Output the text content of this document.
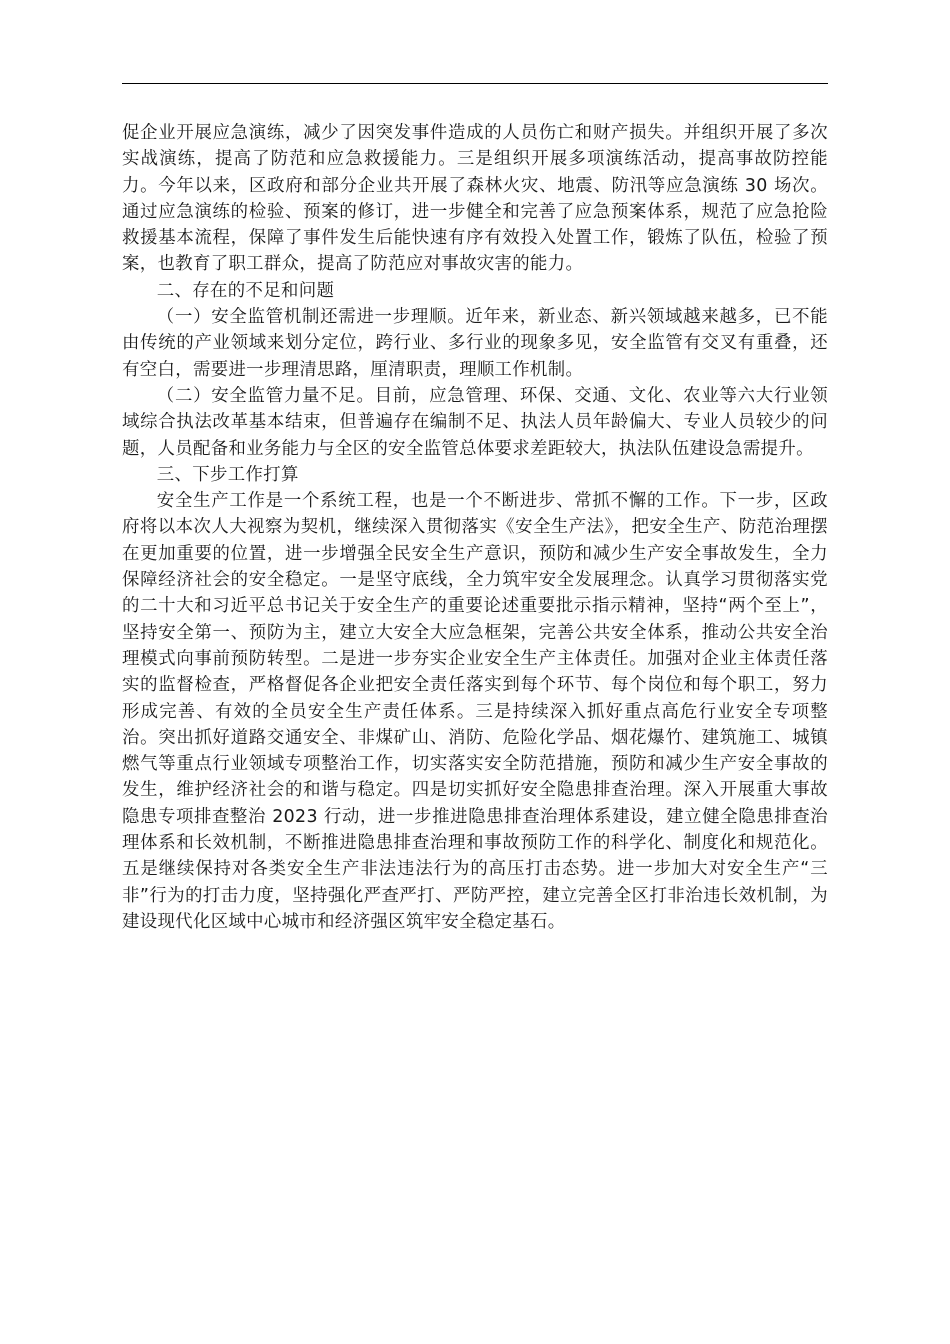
促企业开展应急演练，减少了因突发事件造成的人员伤亡和财产损失。并组织开展了多次实战演练，提高了防范和应急救援能力。三是组织开展多项演练活动，提高事故防控能力。今年以来，区政府和部分企业共开展了森林火灾、地震、防汛等应急演练 30 场次。通过应急演练的检验、预案的修订，进一步健全和完善了应急预案体系，规范了应急抢险救援基本流程，保障了事件发生后能快速有序有效投入处置工作，锻炼了队伍，检验了预案，也教育了职工群众，提高了防范应对事故灾害的能力。

二、存在的不足和问题

（一）安全监管机制还需进一步理顺。近年来，新业态、新兴领域越来越多，已不能由传统的产业领域来划分定位，跨行业、多行业的现象多见，安全监管有交叉有重叠，还有空白，需要进一步理清思路，厘清职责，理顺工作机制。

（二）安全监管力量不足。目前，应急管理、环保、交通、文化、农业等六大行业领域综合执法改革基本结束，但普遍存在编制不足、执法人员年龄偏大、专业人员较少的问题，人员配备和业务能力与全区的安全监管总体要求差距较大，执法队伍建设急需提升。

三、下步工作打算

安全生产工作是一个系统工程，也是一个不断进步、常抓不懈的工作。下一步，区政府将以本次人大视察为契机，继续深入贯彻落实《安全生产法》，把安全生产、防范治理摆在更加重要的位置，进一步增强全民安全生产意识，预防和减少生产安全事故发生，全力保障经济社会的安全稳定。一是坚守底线，全力筑牢安全发展理念。认真学习贯彻落实党的二十大和习近平总书记关于安全生产的重要论述重要批示指示精神，坚持“两个至上”，坚持安全第一、预防为主，建立大安全大应急框架，完善公共安全体系，推动公共安全治理模式向事前预防转型。二是进一步夯实企业安全生产主体责任。加强对企业主体责任落实的监督检查，严格督促各企业把安全责任落实到每个环节、每个岗位和每个职工，努力形成完善、有效的全员安全生产责任体系。三是持续深入抓好重点高危行业安全专项整治。突出抓好道路交通安全、非煤矿山、消防、危险化学品、烟花爆竹、建筑施工、城镇燃气等重点行业领域专项整治工作，切实落实安全防范措施，预防和减少生产安全事故的发生，维护经济社会的和谐与稳定。四是切实抓好安全隐患排查治理。深入开展重大事故隐患专项排查整治 2023 行动，进一步推进隐患排查治理体系建设，建立健全隐患排查治理体系和长效机制，不断推进隐患排查治理和事故预防工作的科学化、制度化和规范化。五是继续保持对各类安全生产非法违法行为的高压打击态势。进一步加大对安全生产“三非”行为的打击力度，坚持强化严查严打、严防严控，建立完善全区打非治违长效机制，为建设现代化区域中心城市和经济强区筑牢安全稳定基石。
